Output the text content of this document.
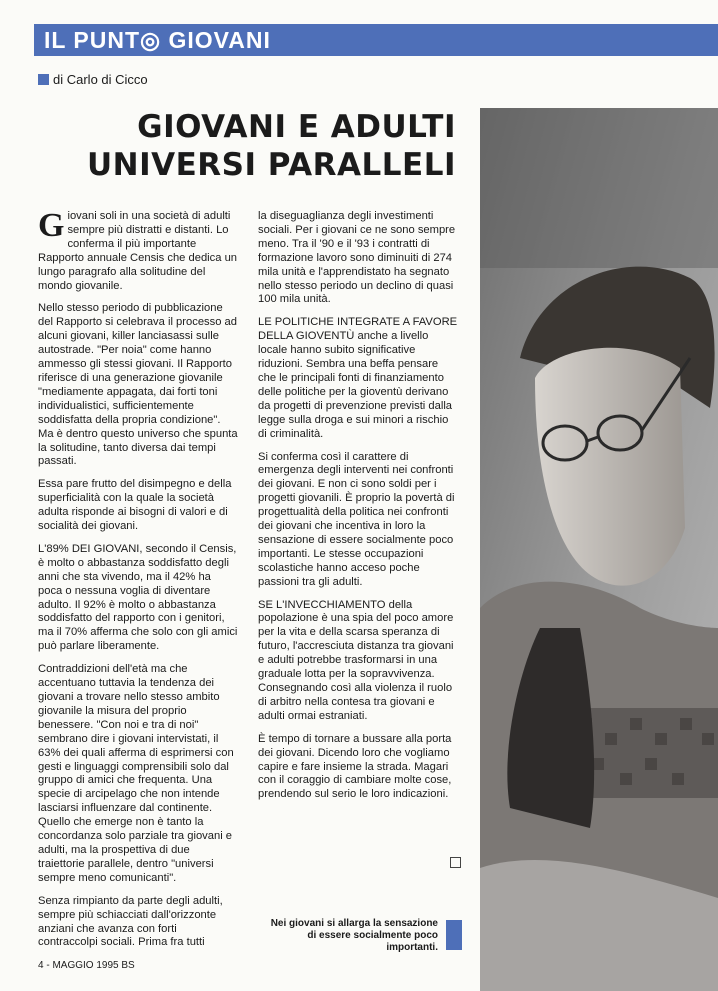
IL PUNT◎ GIOVANI
di Carlo di Cicco
GIOVANI E ADULTI
UNIVERSI PARALLELI

Giovani soli in una società di adulti sempre più distratti e distanti. Lo conferma il più importante Rapporto annuale Censis che dedica un lungo paragrafo alla solitudine del mondo giovanile.

Nello stesso periodo di pubblicazione del Rapporto si celebrava il processo ad alcuni giovani, killer lanciasassi sulle autostrade. "Per noia" come hanno ammesso gli stessi giovani. Il Rapporto riferisce di una generazione giovanile "mediamente appagata, dai forti toni individualistici, sufficientemente soddisfatta della propria condizione". Ma è dentro questo universo che spunta la solitudine, tanto diversa dai tempi passati.

Essa pare frutto del disimpegno e della superficialità con la quale la società adulta risponde ai bisogni di valori e di socialità dei giovani.

L'89% DEI GIOVANI, secondo il Censis, è molto o abbastanza soddisfatto degli anni che sta vivendo, ma il 42% ha poca o nessuna voglia di diventare adulto. Il 92% è molto o abbastanza soddisfatto del rapporto con i genitori, ma il 70% afferma che solo con gli amici può parlare liberamente.

Contraddizioni dell'età ma che accentuano tuttavia la tendenza dei giovani a trovare nello stesso ambito giovanile la misura del proprio benessere. "Con noi e tra di noi" sembrano dire i giovani intervistati, il 63% dei quali afferma di esprimersi con gesti e linguaggi comprensibili solo dal gruppo di amici che frequenta. Una specie di arcipelago che non intende lasciarsi influenzare dal continente. Quello che emerge non è tanto la concordanza solo parziale tra giovani e adulti, ma la prospettiva di due traiettorie parallele, dentro "universi sempre meno comunicanti".

Senza rimpianto da parte degli adulti, sempre più schiacciati dall'orizzonte anziani che avanza con forti contraccolpi sociali. Prima fra tutti

la diseguaglianza degli investimenti sociali. Per i giovani ce ne sono sempre meno. Tra il '90 e il '93 i contratti di formazione lavoro sono diminuiti di 274 mila unità e l'apprendistato ha segnato nello stesso periodo un declino di quasi 100 mila unità.

LE POLITICHE INTEGRATE A FAVORE DELLA GIOVENTÙ anche a livello locale hanno subito significative riduzioni. Sembra una beffa pensare che le principali fonti di finanziamento delle politiche per la gioventù derivano da progetti di prevenzione previsti dalla legge sulla droga e sui minori a rischio di criminalità.

Si conferma così il carattere di emergenza degli interventi nei confronti dei giovani. E non ci sono soldi per i progetti giovanili. È proprio la povertà di progettualità della politica nei confronti dei giovani che incentiva in loro la sensazione di essere socialmente poco importanti. Le stesse occupazioni scolastiche hanno acceso poche passioni tra gli adulti.

SE L'INVECCHIAMENTO della popolazione è una spia del poco amore per la vita e della scarsa speranza di futuro, l'accresciuta distanza tra giovani e adulti potrebbe trasformarsi in una graduale lotta per la sopravvivenza. Consegnando così alla violenza il ruolo di arbitro nella contesa tra giovani e adulti ormai estraniati.

È tempo di tornare a bussare alla porta dei giovani. Dicendo loro che vogliamo capire e fare insieme la strada. Magari con il coraggio di cambiare molte cose, prendendo sul serio le loro indicazioni.

Nei giovani si allarga la sensazione di essere socialmente poco importanti.
4 - MAGGIO 1995 BS
